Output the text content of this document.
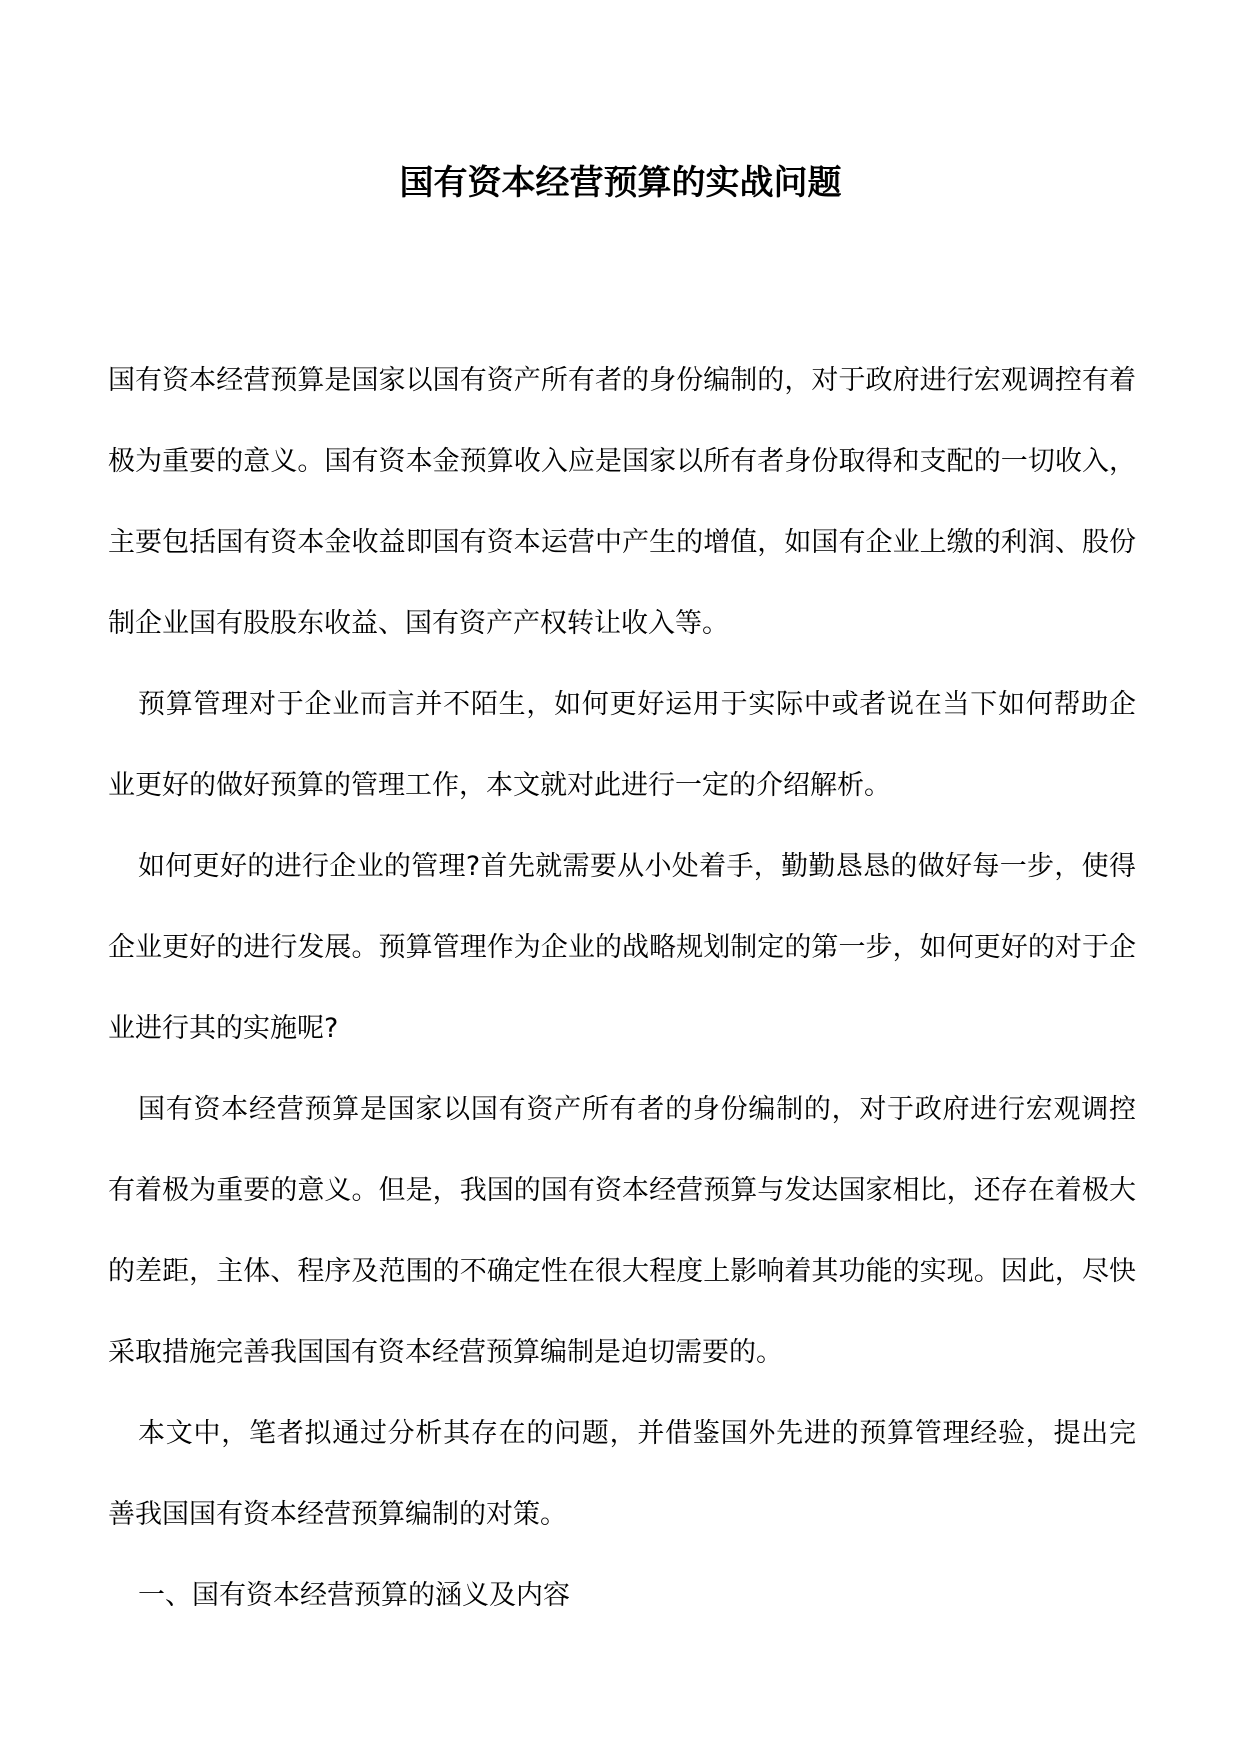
国有资本经营预算的实战问题

国有资本经营预算是国家以国有资产所有者的身份编制的，对于政府进行宏观调控有着极为重要的意义。国有资本金预算收入应是国家以所有者身份取得和支配的一切收入，主要包括国有资本金收益即国有资本运营中产生的增值，如国有企业上缴的利润、股份制企业国有股股东收益、国有资产产权转让收入等。

预算管理对于企业而言并不陌生，如何更好运用于实际中或者说在当下如何帮助企业更好的做好预算的管理工作，本文就对此进行一定的介绍解析。

如何更好的进行企业的管理?首先就需要从小处着手，勤勤恳恳的做好每一步，使得企业更好的进行发展。预算管理作为企业的战略规划制定的第一步，如何更好的对于企业进行其的实施呢?

国有资本经营预算是国家以国有资产所有者的身份编制的，对于政府进行宏观调控有着极为重要的意义。但是，我国的国有资本经营预算与发达国家相比，还存在着极大的差距，主体、程序及范围的不确定性在很大程度上影响着其功能的实现。因此，尽快采取措施完善我国国有资本经营预算编制是迫切需要的。

本文中，笔者拟通过分析其存在的问题，并借鉴国外先进的预算管理经验，提出完善我国国有资本经营预算编制的对策。

一、国有资本经营预算的涵义及内容
